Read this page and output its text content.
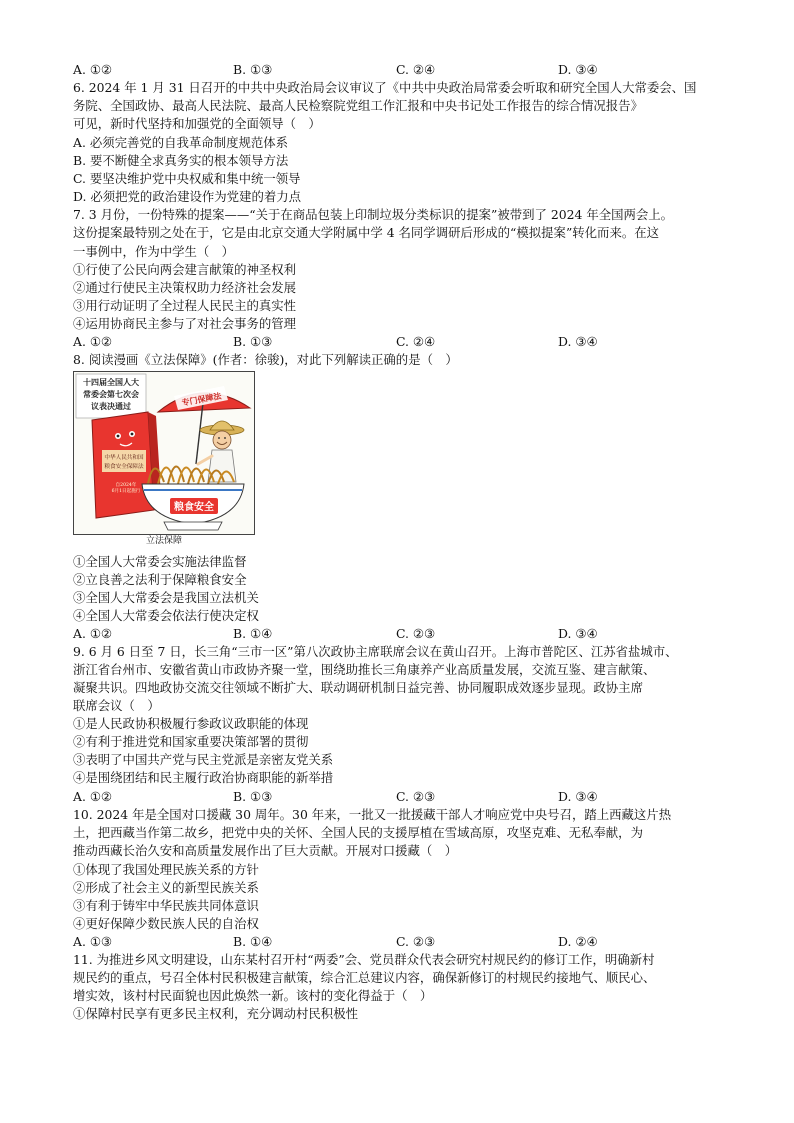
A. ①②	B. ①③	C. ②④	D. ③④
6. 2024 年 1 月 31 日召开的中共中央政治局会议审议了《中共中央政治局常委会听取和研究全国人大常委会、国
务院、全国政协、最高人民法院、最高人民检察院党组工作汇报和中央书记处工作报告的综合情况报告》
可见，新时代坚持和加强党的全面领导（　）
A. 必须完善党的自我革命制度规范体系
B. 要不断健全求真务实的根本领导方法
C. 要坚决维护党中央权威和集中统一领导
D. 必须把党的政治建设作为党建的着力点
7. 3 月份，一份特殊的提案——“关于在商品包装上印制垃圾分类标识的提案”被带到了 2024 年全国两会上。
这份提案最特别之处在于，它是由北京交通大学附属中学 4 名同学调研后形成的“模拟提案”转化而来。在这
一事例中，作为中学生（　）
①行使了公民向两会建言献策的神圣权利
②通过行使民主决策权助力经济社会发展
③用行动证明了全过程人民民主的真实性
④运用协商民主参与了对社会事务的管理
A. ①②	B. ①③	C. ②④	D. ③④
8. 阅读漫画《立法保障》(作者：徐骏)，对此下列解读正确的是（　）
十四届全国人大
常委会第七次会
议表决通过
中华人民共和国
粮食安全保障法
自2024年
6月1日起施行
专门保障法
粮食安全
立法保障
①全国人大常委会实施法律监督
②立良善之法利于保障粮食安全
③全国人大常委会是我国立法机关
④全国人大常委会依法行使决定权
A. ①②	B. ①④	C. ②③	D. ③④
9. 6 月 6 日至 7 日，长三角“三市一区”第八次政协主席联席会议在黄山召开。上海市普陀区、江苏省盐城市、
浙江省台州市、安徽省黄山市政协齐聚一堂，围绕助推长三角康养产业高质量发展，交流互鉴、建言献策、
凝聚共识。四地政协交流交往领域不断扩大、联动调研机制日益完善、协同履职成效逐步显现。政协主席
联席会议（　）
①是人民政协积极履行参政议政职能的体现
②有利于推进党和国家重要决策部署的贯彻
③表明了中国共产党与民主党派是亲密友党关系
④是围绕团结和民主履行政治协商职能的新举措
A. ①②	B. ①③	C. ②③	D. ③④
10. 2024 年是全国对口援藏 30 周年。30 年来，一批又一批援藏干部人才响应党中央号召，踏上西藏这片热
土，把西藏当作第二故乡，把党中央的关怀、全国人民的支援厚植在雪域高原，攻坚克难、无私奉献，为
推动西藏长治久安和高质量发展作出了巨大贡献。开展对口援藏（　）
①体现了我国处理民族关系的方针
②形成了社会主义的新型民族关系
③有利于铸牢中华民族共同体意识
④更好保障少数民族人民的自治权
A. ①③	B. ①④	C. ②③	D. ②④
11. 为推进乡风文明建设，山东某村召开村“两委”会、党员群众代表会研究村规民约的修订工作，明确新村
规民约的重点，号召全体村民积极建言献策，综合汇总建议内容，确保新修订的村规民约接地气、顺民心、
增实效，该村村民面貌也因此焕然一新。该村的变化得益于（　）
①保障村民享有更多民主权利，充分调动村民积极性
